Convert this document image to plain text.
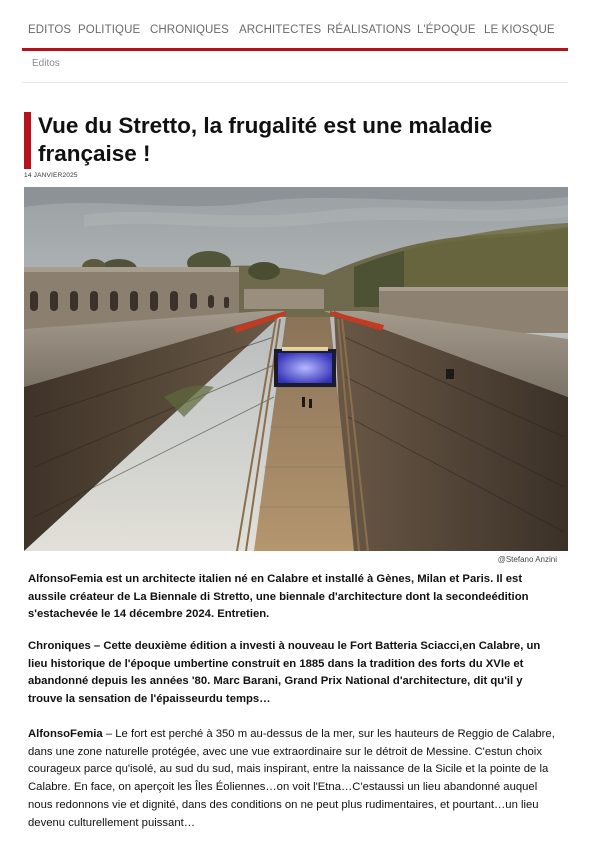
EDITOS POLITIQUE CHRONIQUES ARCHITECTES RÉALISATIONS L'ÉPOQUE LE KIOSQUE
Editos
Vue du Stretto, la frugalité est une maladie française !
14 JANVIER2025
@Stefano Anzini

AlfonsoFemia est un architecte italien né en Calabre et installé à Gènes, Milan et Paris. Il est aussile créateur de La Biennale di Stretto, une biennale d'architecture dont la secondeédition s'estachevée le 14 décembre 2024. Entretien.

Chroniques – Cette deuxième édition a investi à nouveau le Fort Batteria Sciacci,en Calabre, un lieu historique de l'époque umbertine construit en 1885 dans la tradition des forts du XVIe et abandonné depuis les années '80. Marc Barani, Grand Prix National d'architecture, dit qu'il y trouve la sensation de l'épaisseurdu temps…

AlfonsoFemia – Le fort est perché à 350 m au-dessus de la mer, sur les hauteurs de Reggio de Calabre, dans une zone naturelle protégée, avec une vue extraordinaire sur le détroit de Messine. C'estun choix courageux parce qu'isolé, au sud du sud, mais inspirant, entre la naissance de la Sicile et la pointe de la Calabre. En face, on aperçoit les Îles Éoliennes…on voit l'Etna…C'estaussi un lieu abandonné auquel nous redonnons vie et dignité, dans des conditions on ne peut plus rudimentaires, et pourtant…un lieu devenu culturellement puissant…
